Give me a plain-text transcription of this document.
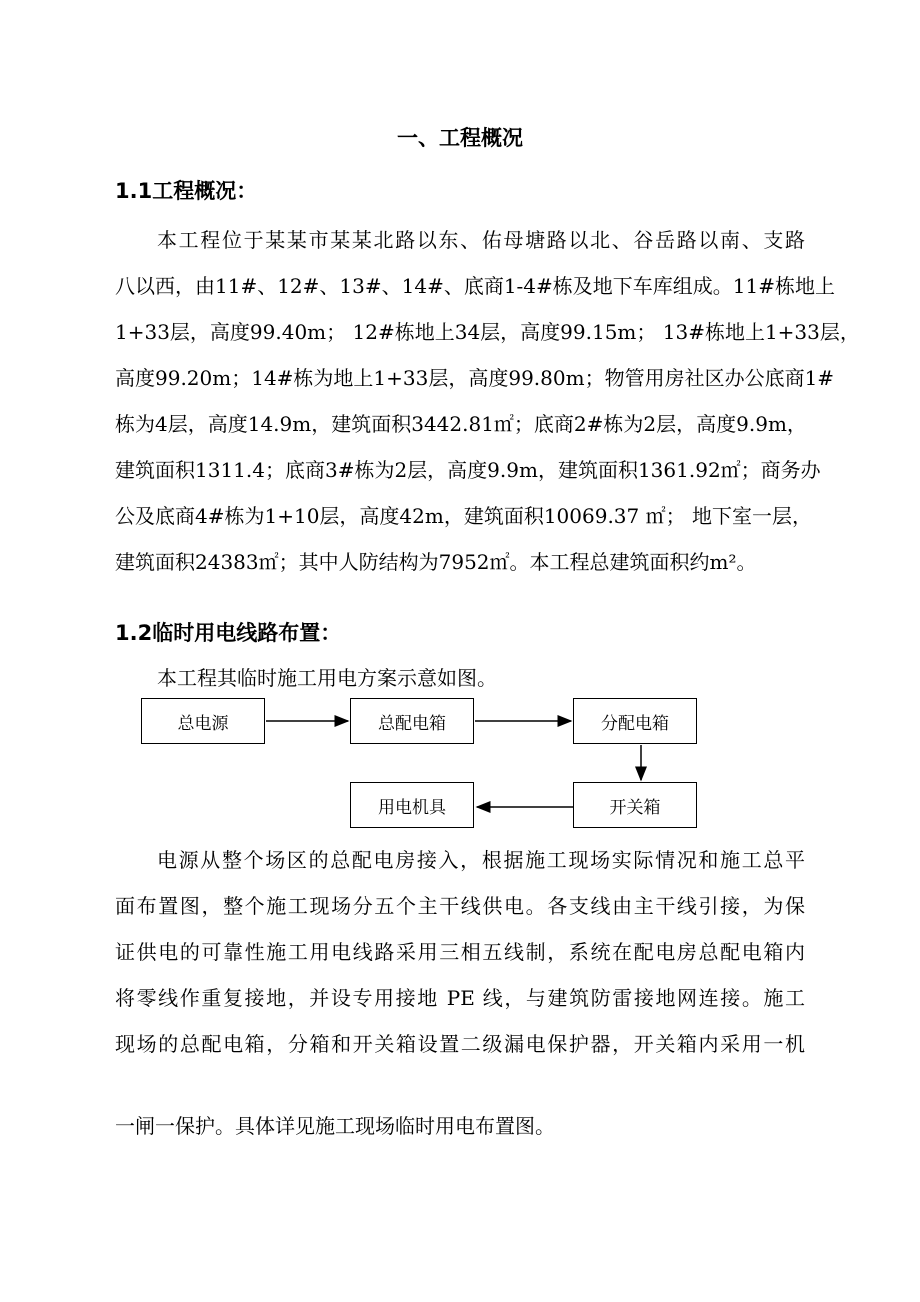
一、工程概况
1.1工程概况：
本工程位于某某市某某北路以东、佑母塘路以北、谷岳路以南、支路
八以西，由11#、12#、13#、14#、底商1-4#栋及地下车库组成。11#栋地上
1+33层，高度99.40m； 12#栋地上34层，高度99.15m； 13#栋地上1+33层，
高度99.20m；14#栋为地上1+33层，高度99.80m；物管用房社区办公底商1#
栋为4层，高度14.9m，建筑面积3442.81㎡；底商2#栋为2层，高度9.9m，
建筑面积1311.4；底商3#栋为2层，高度9.9m，建筑面积1361.92㎡；商务办
公及底商4#栋为1+10层，高度42m，建筑面积10069.37 ㎡； 地下室一层，
建筑面积24383㎡；其中人防结构为7952㎡。本工程总建筑面积约m²。
1.2临时用电线路布置：
本工程其临时施工用电方案示意如图。
总电源	总配电箱	分配电箱
开关箱
用电机具
电源从整个场区的总配电房接入，根据施工现场实际情况和施工总平
面布置图，整个施工现场分五个主干线供电。各支线由主干线引接，为保
证供电的可靠性施工用电线路采用三相五线制，系统在配电房总配电箱内
将零线作重复接地，并设专用接地 PE 线，与建筑防雷接地网连接。施工
现场的总配电箱，分箱和开关箱设置二级漏电保护器，开关箱内采用一机
一闸一保护。具体详见施工现场临时用电布置图。
